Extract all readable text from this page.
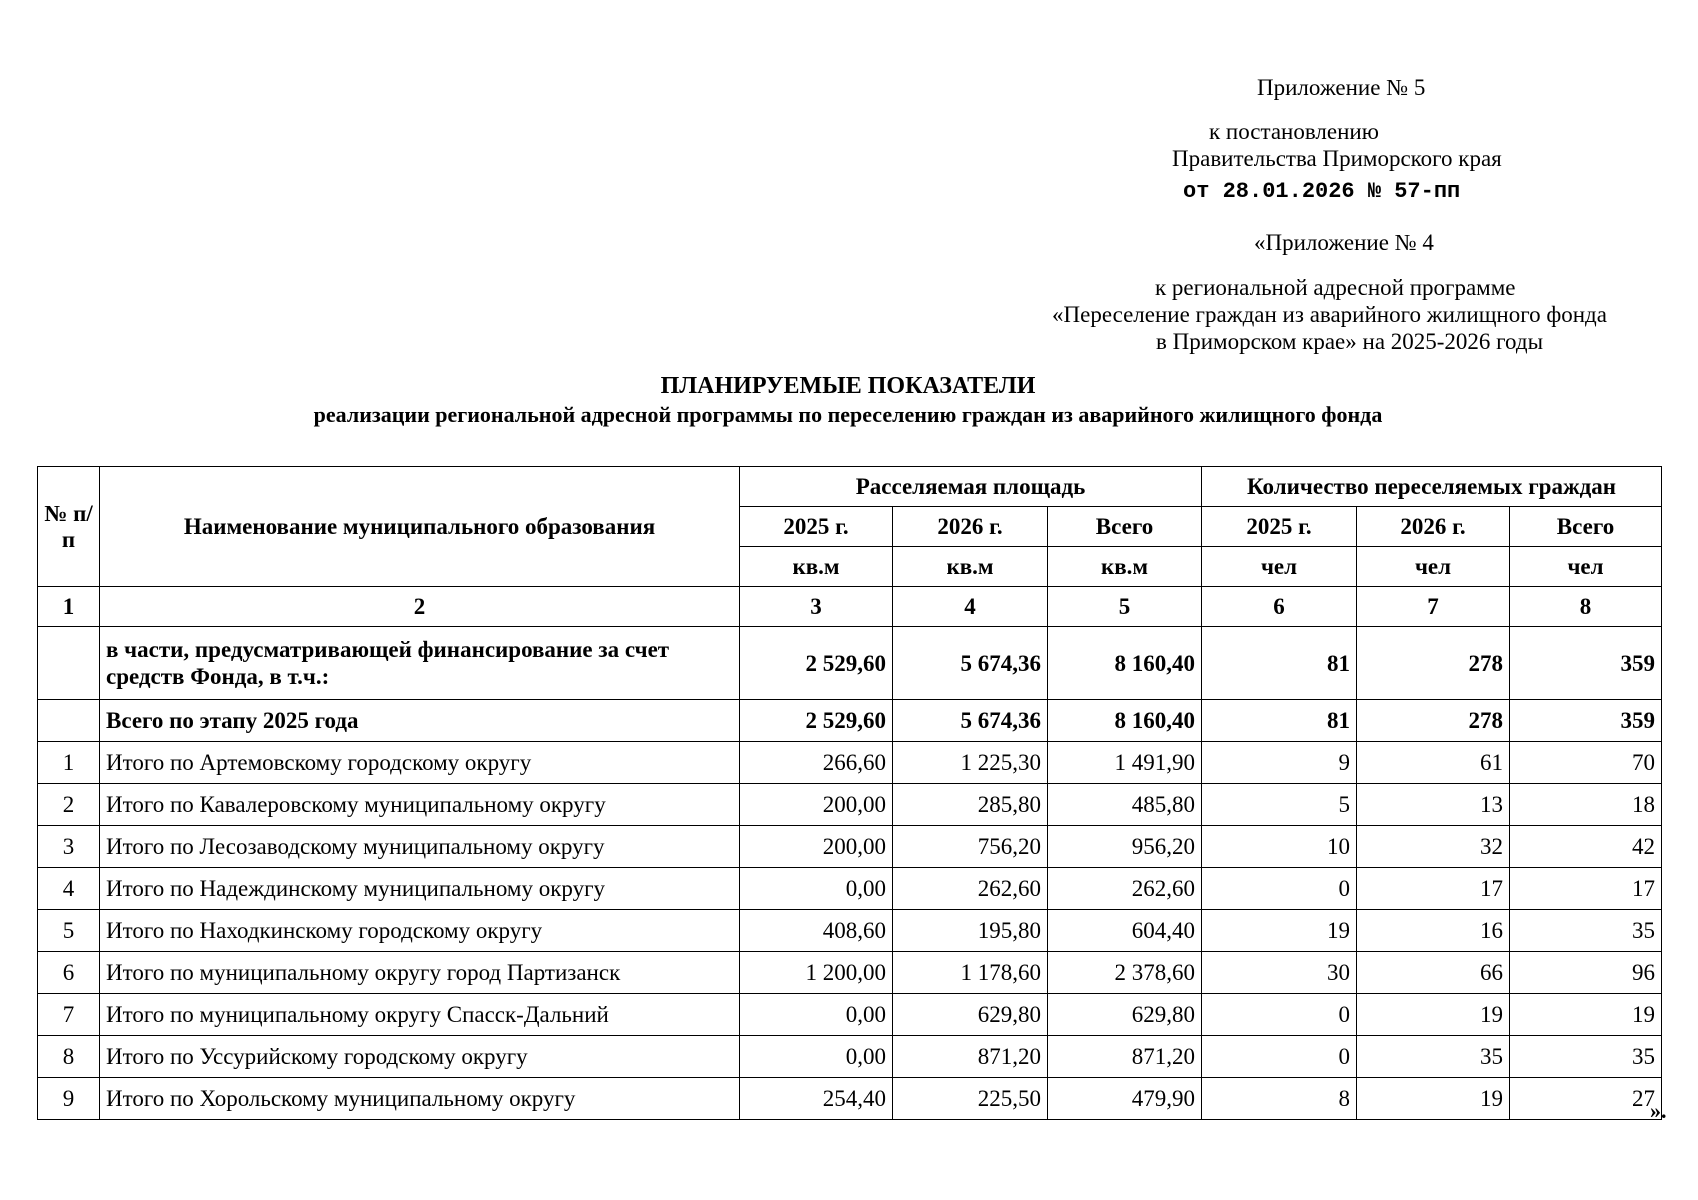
Приложение № 5
к постановлению
Правительства Приморского края
от 28.01.2026 № 57-пп
«Приложение № 4
к региональной адресной программе
«Переселение граждан из аварийного жилищного фонда
в Приморском крае» на 2025-2026 годы
ПЛАНИРУЕМЫЕ ПОКАЗАТЕЛИ
реализации региональной адресной программы по переселению граждан из аварийного жилищного фонда
№ п/п	Наименование муниципального образования	Расселяемая площадь			Количество переселяемых граждан		
		2025 г.	2026 г.	Всего	2025 г.	2026 г.	Всего
		кв.м	кв.м	кв.м	чел	чел	чел
1	2	3	4	5	6	7	8
	в части, предусматривающей финансирование за счет средств Фонда, в т.ч.:	2 529,60	5 674,36	8 160,40	81	278	359
	Всего по этапу 2025 года	2 529,60	5 674,36	8 160,40	81	278	359
1	Итого по Артемовскому городскому округу	266,60	1 225,30	1 491,90	9	61	70
2	Итого по Кавалеровскому муниципальному округу	200,00	285,80	485,80	5	13	18
3	Итого по Лесозаводскому муниципальному округу	200,00	756,20	956,20	10	32	42
4	Итого по Надеждинскому муниципальному округу	0,00	262,60	262,60	0	17	17
5	Итого по Находкинскому городскому округу	408,60	195,80	604,40	19	16	35
6	Итого по муниципальному округу город Партизанск	1 200,00	1 178,60	2 378,60	30	66	96
7	Итого по муниципальному округу Спасск-Дальний	0,00	629,80	629,80	0	19	19
8	Итого по Уссурийскому городскому округу	0,00	871,20	871,20	0	35	35
9	Итого по Хорольскому муниципальному округу	254,40	225,50	479,90	8	19	27
».
